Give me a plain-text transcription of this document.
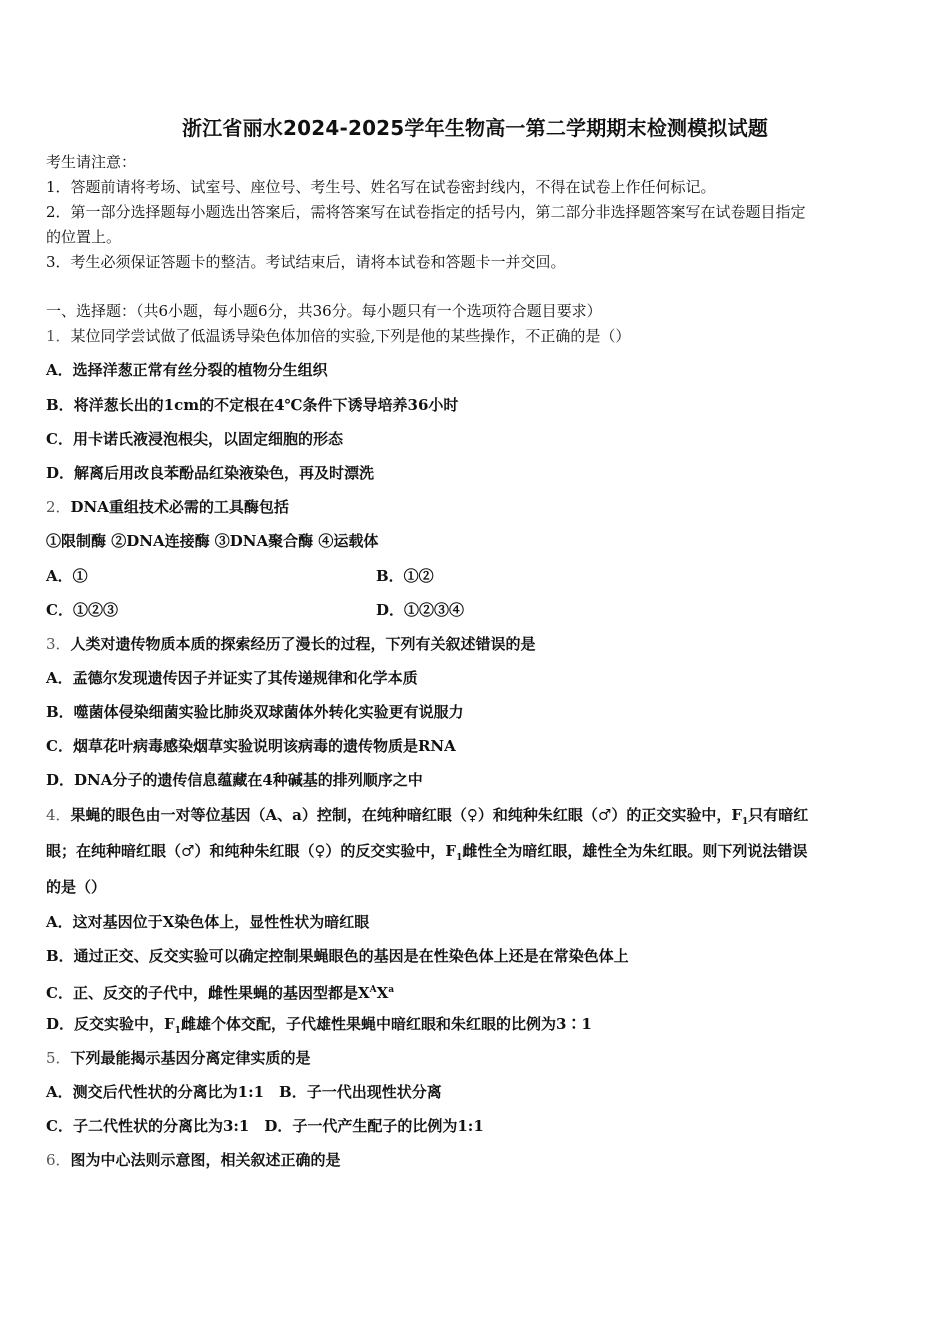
浙江省丽水2024-2025学年生物高一第二学期期末检测模拟试题
考生请注意：
1．答题前请将考场、试室号、座位号、考生号、姓名写在试卷密封线内，不得在试卷上作任何标记。
2．第一部分选择题每小题选出答案后，需将答案写在试卷指定的括号内，第二部分非选择题答案写在试卷题目指定
的位置上。
3．考生必须保证答题卡的整洁。考试结束后，请将本试卷和答题卡一并交回。
一、选择题：（共6小题，每小题6分，共36分。每小题只有一个选项符合题目要求）
1．某位同学尝试做了低温诱导染色体加倍的实验,下列是他的某些操作，不正确的是（）
A．选择洋葱正常有丝分裂的植物分生组织
B．将洋葱长出的1cm的不定根在4℃条件下诱导培养36小时
C．用卡诺氏液浸泡根尖，以固定细胞的形态
D．解离后用改良苯酚品红染液染色，再及时漂洗
2．DNA重组技术必需的工具酶包括
①限制酶 ②DNA连接酶 ③DNA聚合酶 ④运载体
A．①	B．①②
C．①②③	D．①②③④
3．人类对遗传物质本质的探索经历了漫长的过程，下列有关叙述错误的是
A．孟德尔发现遗传因子并证实了其传递规律和化学本质
B．噬菌体侵染细菌实验比肺炎双球菌体外转化实验更有说服力
C．烟草花叶病毒感染烟草实验说明该病毒的遗传物质是RNA
D．DNA分子的遗传信息蕴藏在4种碱基的排列顺序之中
4．果蝇的眼色由一对等位基因（A、a）控制，在纯种暗红眼（♀）和纯种朱红眼（♂）的正交实验中，$F_1$只有暗红
眼；在纯种暗红眼（♂）和纯种朱红眼（♀）的反交实验中，$F_1$雌性全为暗红眼，雄性全为朱红眼。则下列说法错误
的是（）
A．这对基因位于X染色体上，显性性状为暗红眼
B．通过正交、反交实验可以确定控制果蝇眼色的基因是在性染色体上还是在常染色体上
C．正、反交的子代中，雌性果蝇的基因型都是$X^AX^a$
D．反交实验中，$F_1$雌雄个体交配，子代雄性果蝇中暗红眼和朱红眼的比例为3∶1
5．下列最能揭示基因分离定律实质的是
A．测交后代性状的分离比为1:1　B．子一代出现性状分离
C．子二代性状的分离比为3:1　D．子一代产生配子的比例为1:1
6．图为中心法则示意图，相关叙述正确的是
